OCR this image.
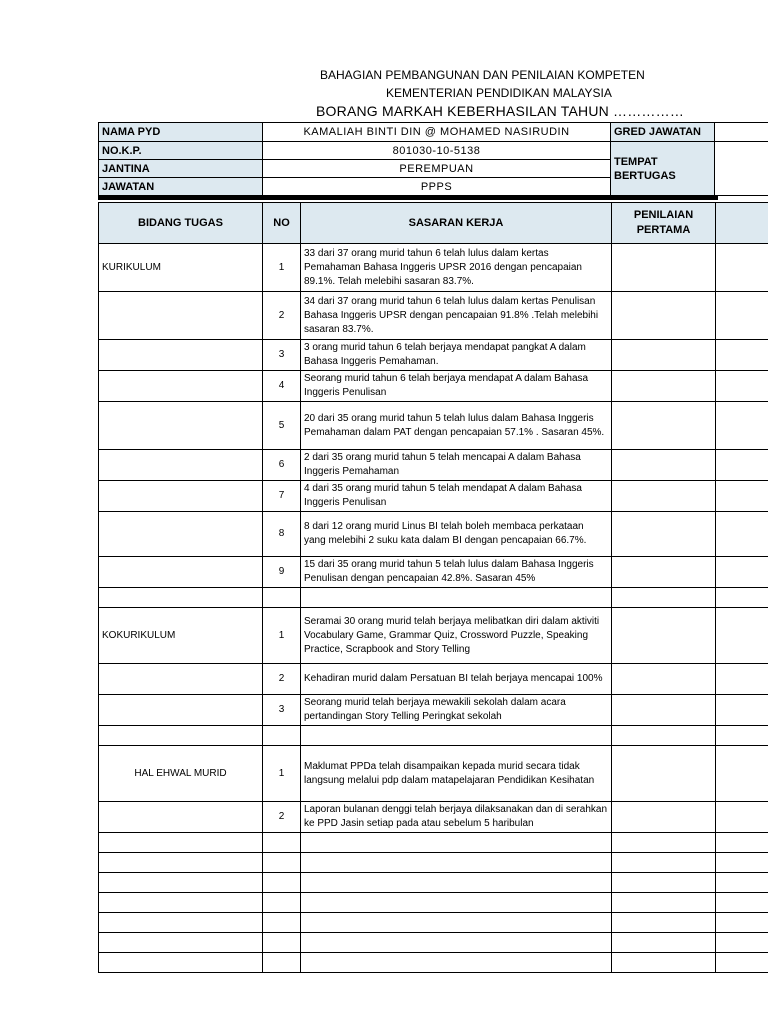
BAHAGIAN PEMBANGUNAN DAN PENILAIAN KOMPETEN
KEMENTERIAN PENDIDIKAN MALAYSIA
BORANG MARKAH KEBERHASILAN TAHUN ……………
NAMA PYD	KAMALIAH BINTI DIN @ MOHAMED NASIRUDIN	GRED JAWATAN	
NO.K.P.	801030-10-5138	TEMPAT BERTUGAS	
JANTINA	PEREMPUAN		
JAWATAN	PPPS		
BIDANG TUGAS	NO	SASARAN KERJA	PENILAIAN PERTAMA	
KURIKULUM	1	33 dari 37 orang murid tahun 6 telah lulus dalam kertas Pemahaman Bahasa Inggeris UPSR 2016 dengan pencapaian 89.1%. Telah melebihi sasaran 83.7%.		
	2	34 dari 37 orang murid tahun 6 telah lulus dalam kertas Penulisan Bahasa Inggeris UPSR dengan pencapaian 91.8% .Telah melebihi sasaran 83.7%.		
	3	3 orang murid tahun 6 telah berjaya mendapat pangkat A dalam Bahasa Inggeris Pemahaman.		
	4	Seorang murid tahun 6 telah berjaya mendapat A dalam Bahasa Inggeris Penulisan		
	5	20 dari 35 orang murid tahun 5 telah lulus dalam Bahasa Inggeris Pemahaman dalam PAT dengan pencapaian 57.1% . Sasaran 45%.		
	6	2 dari 35 orang murid tahun 5 telah mencapai A dalam Bahasa Inggeris Pemahaman		
	7	4 dari 35 orang murid tahun 5 telah mendapat A dalam Bahasa Inggeris Penulisan		
	8	8 dari 12 orang murid Linus BI telah boleh membaca perkataan yang melebihi 2 suku kata dalam BI dengan pencapaian 66.7%.		
	9	15 dari 35 orang murid tahun 5 telah lulus dalam Bahasa Inggeris Penulisan dengan pencapaian 42.8%. Sasaran 45%		

KOKURIKULUM	1	Seramai 30 orang murid telah berjaya melibatkan diri dalam aktiviti Vocabulary Game, Grammar Quiz, Crossword Puzzle, Speaking Practice, Scrapbook and Story Telling		
	2	Kehadiran murid dalam Persatuan BI telah berjaya mencapai 100%		
	3	Seorang murid telah berjaya mewakili sekolah dalam acara pertandingan Story Telling Peringkat sekolah		

HAL EHWAL MURID	1	Maklumat PPDa telah disampaikan kepada murid secara tidak langsung melalui pdp dalam matapelajaran Pendidikan Kesihatan		
	2	Laporan bulanan denggi telah berjaya dilaksanakan dan di serahkan ke PPD Jasin setiap pada atau sebelum 5 haribulan		
